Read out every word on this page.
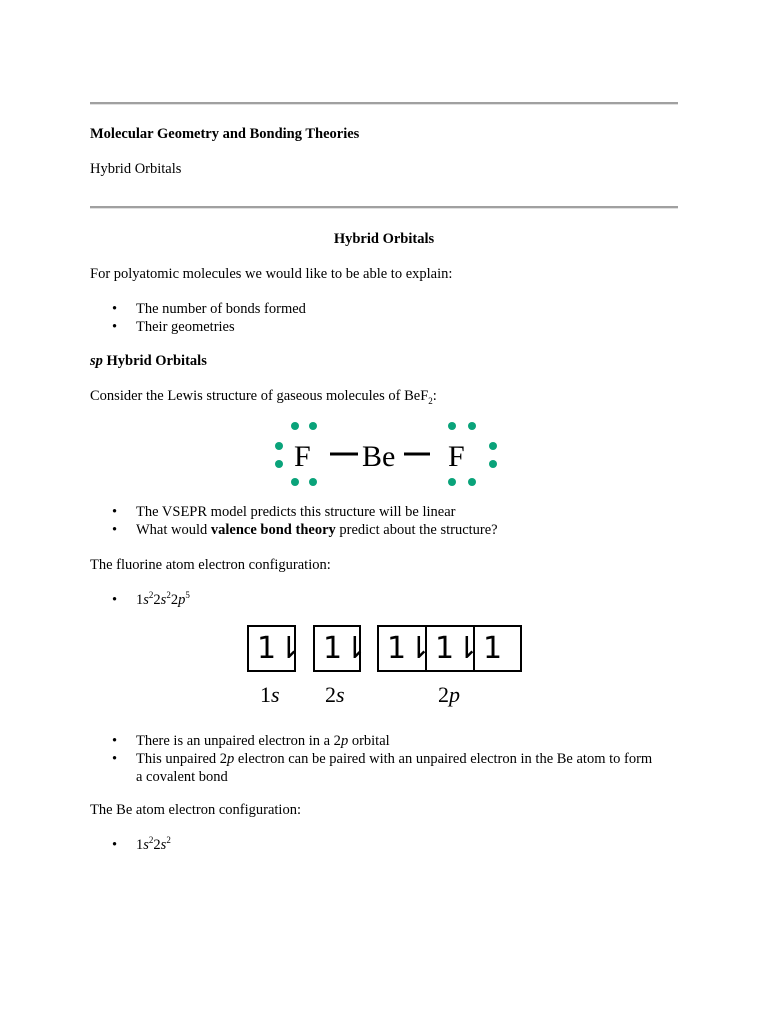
Molecular Geometry and Bonding Theories
Hybrid Orbitals
Hybrid Orbitals
For polyatomic molecules we would like to be able to explain:
• The number of bonds formed
• Their geometries
sp Hybrid Orbitals
Consider the Lewis structure of gaseous molecules of BeF$_2$:
F Be F
• The VSEPR model predicts this structure will be linear
• What would valence bond theory predict about the structure?
The fluorine atom electron configuration:
• $1s^22s^22p^5$
1⇂ 1⇂ 1⇂ 1⇂ 1
1s 2s	2p
• There is an unpaired electron in a 2p orbital
• This unpaired 2p electron can be paired with an unpaired electron in the Be atom to form
a covalent bond
The Be atom electron configuration:
• $1s^22s^2$
